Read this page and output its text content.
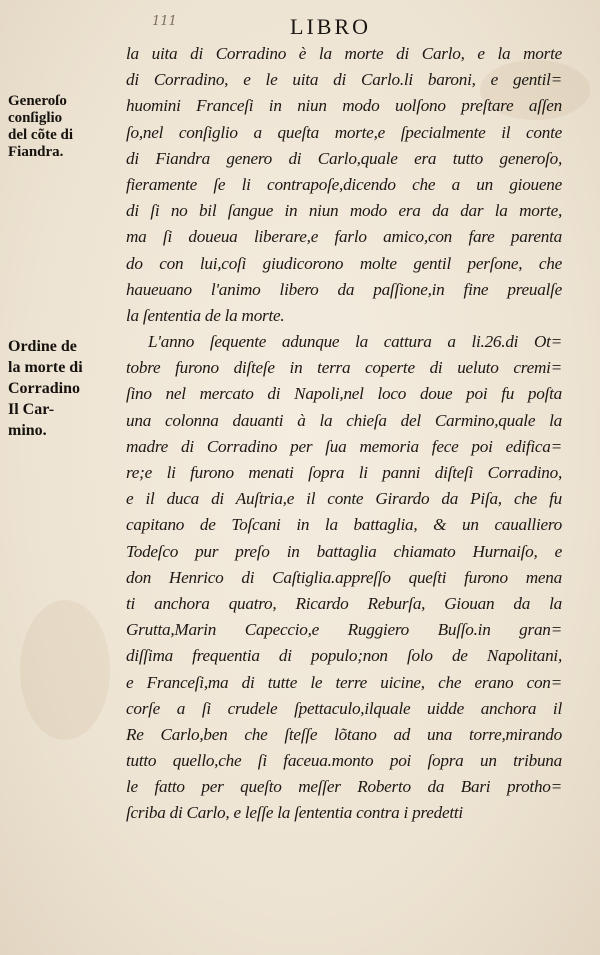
111	LIBRO
Generoſo
conſiglio
del cõte di
Fiandra.
Ordine de
la morte di
Corradino
Il Car-
mino.
la uita di Corradino è la morte di Carlo, e la morte
di Corradino, e le uita di Carlo.li baroni, e gentil=
huomini Franceſi in niun modo uolſono preſtare aſſen
ſo,nel conſiglio a queſta morte,e ſpecialmente il conte
di Fiandra genero di Carlo,quale era tutto generoſo,
fieramente ſe li contrapoſe,dicendo che a un giouene
di ſi no bil ſangue in niun modo era da dar la morte,
ma ſi doueua liberare,e farlo amico,con fare parenta
do con lui,coſi giudicorono molte gentil perſone, che
haueuano l'animo libero da paſſione,in fine preualſe
la ſententia de la morte.
L'anno ſequente adunque la cattura a li.26.di Ot=
tobre furono diſteſe in terra coperte di ueluto cremi=
ſino nel mercato di Napoli,nel loco doue poi fu poſta
una colonna dauanti à la chieſa del Carmino,quale la
madre di Corradino per ſua memoria fece poi edifica=
re;e li furono menati ſopra li panni diſteſi Corradino,
e il duca di Auſtria,e il conte Girardo da Piſa, che fu
capitano de Toſcani in la battaglia, & un caualliero
Todeſco pur preſo in battaglia chiamato Hurnaiſo, e
don Henrico di Caſtiglia.appreſſo queſti furono mena
ti anchora quatro, Ricardo Reburſa, Giouan da la
Grutta,Marin Capeccio,e Ruggiero Buſſo.in gran=
diſſima frequentia di populo;non ſolo de Napolitani,
e Franceſi,ma di tutte le terre uicine, che erano con=
corſe a ſi crudele ſpettaculo,ilquale uidde anchora il
Re Carlo,ben che ſteſſe lõtano ad una torre,mirando
tutto quello,che ſi faceua.monto poi ſopra un tribuna
le fatto per queſto meſſer Roberto da Bari protho=
ſcriba di Carlo, e leſſe la ſententia contra i predetti
